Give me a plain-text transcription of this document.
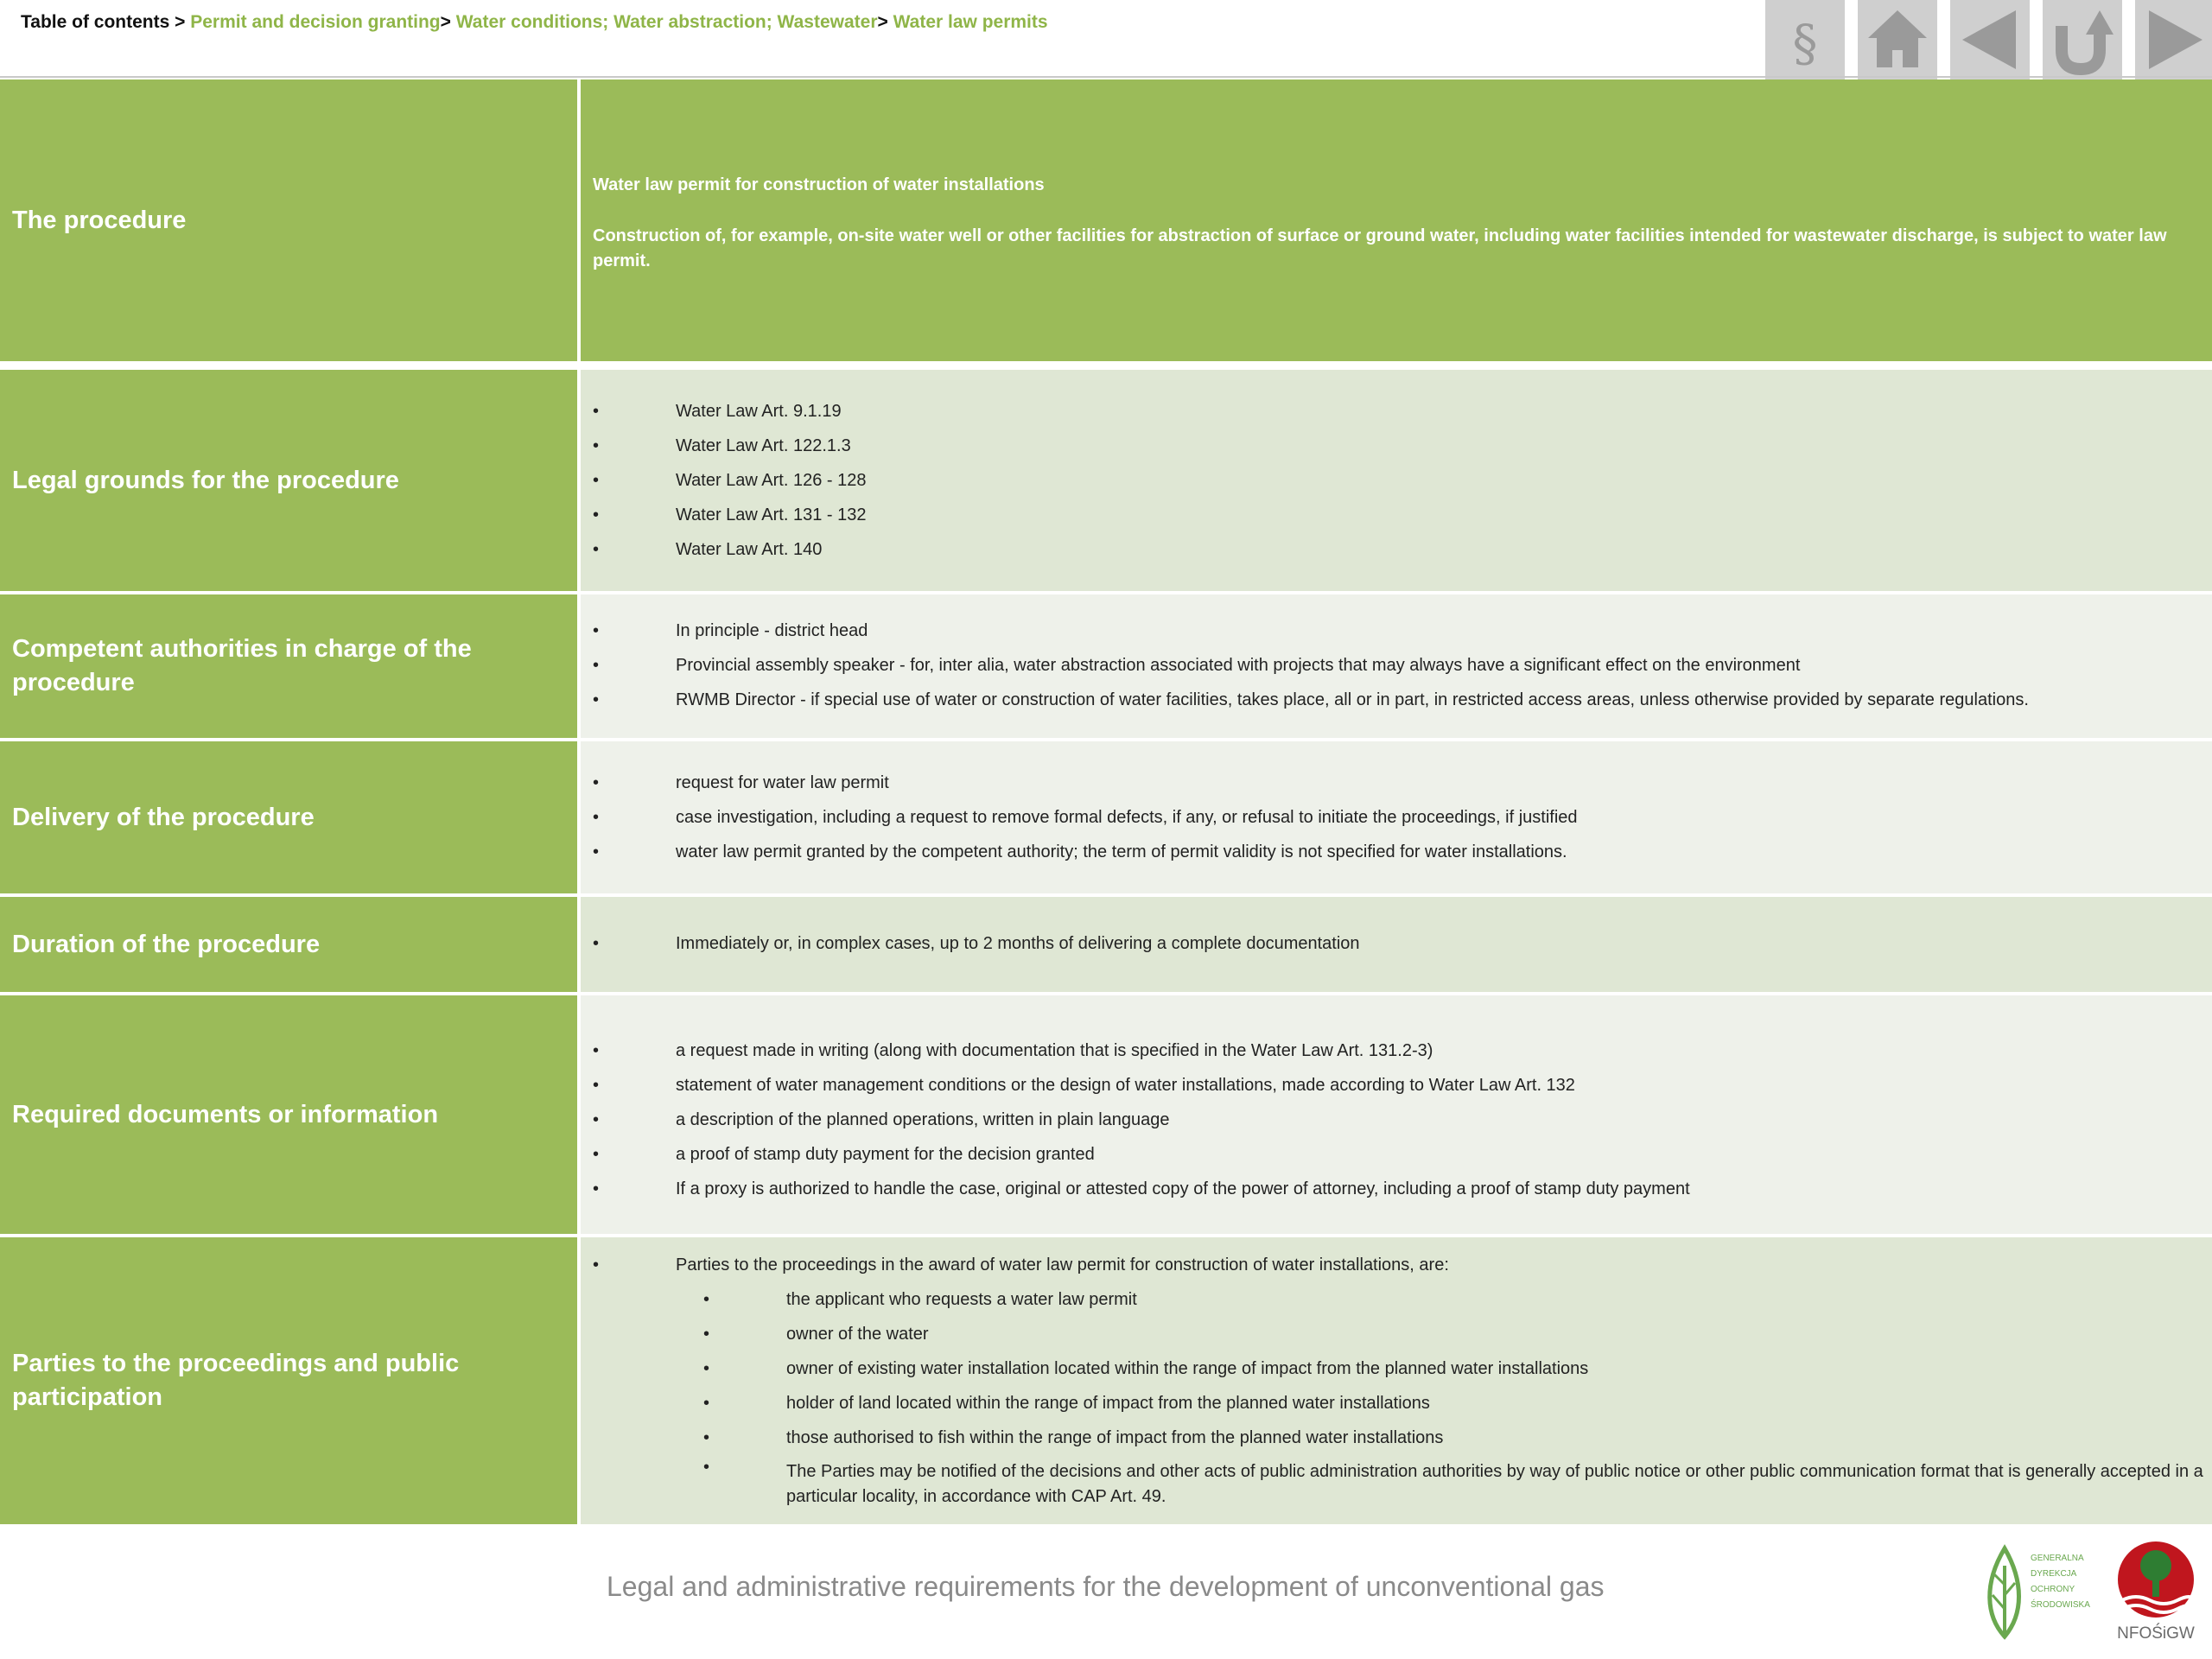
Table of contents > Permit and decision granting> Water conditions; Water abstraction; Wastewater> Water law permits	§
The procedure
Water law permit for construction of water installations
Construction of, for example, on-site water well or other facilities for abstraction of surface or ground water, including water facilities intended for wastewater discharge, is subject to water law permit.
Legal grounds for the procedure
• Water Law Art. 9.1.19
• Water Law Art. 122.1.3
• Water Law Art. 126 - 128
• Water Law Art. 131 - 132
• Water Law Art. 140
Competent authorities in charge of the procedure
• In principle - district head
• Provincial assembly speaker - for, inter alia, water abstraction associated with projects that may always have a significant effect on the environment
• RWMB Director - if special use of water or construction of water facilities, takes place, all or in part, in restricted access areas, unless otherwise provided by separate regulations.
Delivery of the procedure
• request for water law permit
• case investigation, including a request to remove formal defects, if any, or refusal to initiate the proceedings, if justified
• water law permit granted by the competent authority; the term of permit validity is not specified for water installations.
Duration of the procedure
•	Immediately or, in complex cases, up to 2 months of delivering a complete documentation
Required documents or information
• a request made in writing (along with documentation that is specified in the Water Law Art. 131.2-3)
• statement of water management conditions or the design of water installations, made according to Water Law Art. 132
• a description of the planned operations, written in plain language
• a proof of stamp duty payment for the decision granted
• If a proxy is authorized to handle the case, original or attested copy of the power of attorney, including a proof of stamp duty payment
Parties to the proceedings and public participation
• Parties to the proceedings in the award of water law permit for construction of water installations, are:
• the applicant who requests a water law permit
• owner of the water
• owner of existing water installation located within the range of impact from the planned water installations
• holder of land located within the range of impact from the planned water installations
• those authorised to fish within the range of impact from the planned water installations
• The Parties may be notified of the decisions and other acts of public administration authorities by way of public notice or other public communication format that is generally accepted in a particular locality, in accordance with CAP Art. 49.
Legal and administrative requirements for the development of unconventional gas
GENERALNA
DYREKCJA
OCHRONY
ŚRODOWISKA
NFOŚiGW
